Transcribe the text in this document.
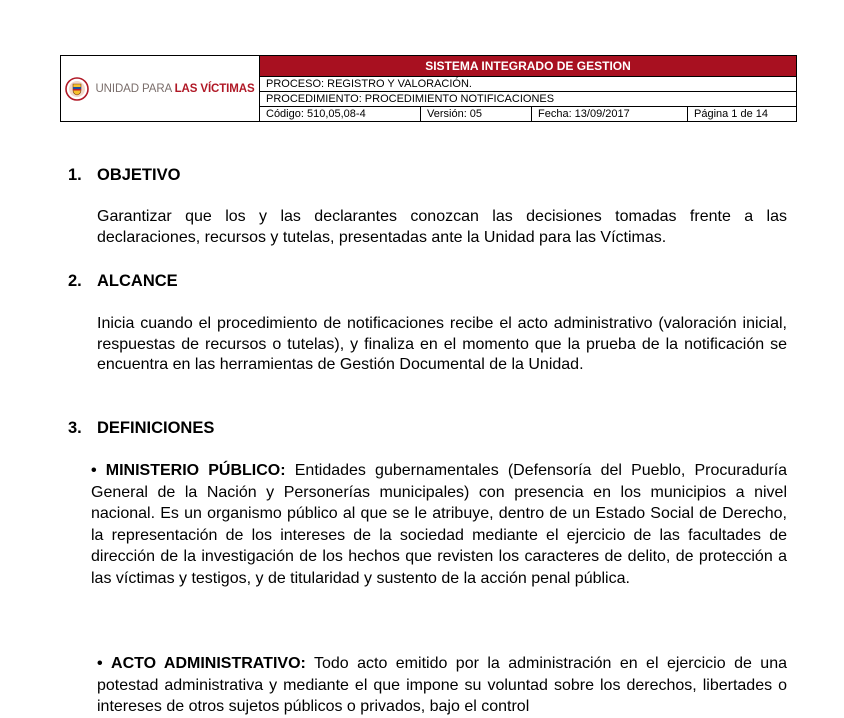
UNIDAD PARA LAS VÍCTIMAS
SISTEMA INTEGRADO DE GESTION
PROCESO: REGISTRO Y VALORACIÓN.
PROCEDIMIENTO: PROCEDIMIENTO NOTIFICACIONES
Código: 510,05,08-4	Versión: 05	Fecha: 13/09/2017	Página 1 de 14
1. OBJETIVO

Garantizar que los y las declarantes conozcan las decisiones tomadas frente a las declaraciones, recursos y tutelas, presentadas ante la Unidad para las Víctimas.

2. ALCANCE

Inicia cuando el procedimiento de notificaciones recibe el acto administrativo (valoración inicial, respuestas de recursos o tutelas), y finaliza en el momento que la prueba de la notificación se encuentra en las herramientas de Gestión Documental de la Unidad.

3. DEFINICIONES

• MINISTERIO PÚBLICO: Entidades gubernamentales (Defensoría del Pueblo, Procuraduría General de la Nación y Personerías municipales) con presencia en los municipios a nivel nacional. Es un organismo público al que se le atribuye, dentro de un Estado Social de Derecho, la representación de los intereses de la sociedad mediante el ejercicio de las facultades de dirección de la investigación de los hechos que revisten los caracteres de delito, de protección a las víctimas y testigos, y de titularidad y sustento de la acción penal pública.

• ACTO ADMINISTRATIVO: Todo acto emitido por la administración en el ejercicio de una potestad administrativa y mediante el que impone su voluntad sobre los derechos, libertades o intereses de otros sujetos públicos o privados, bajo el control
